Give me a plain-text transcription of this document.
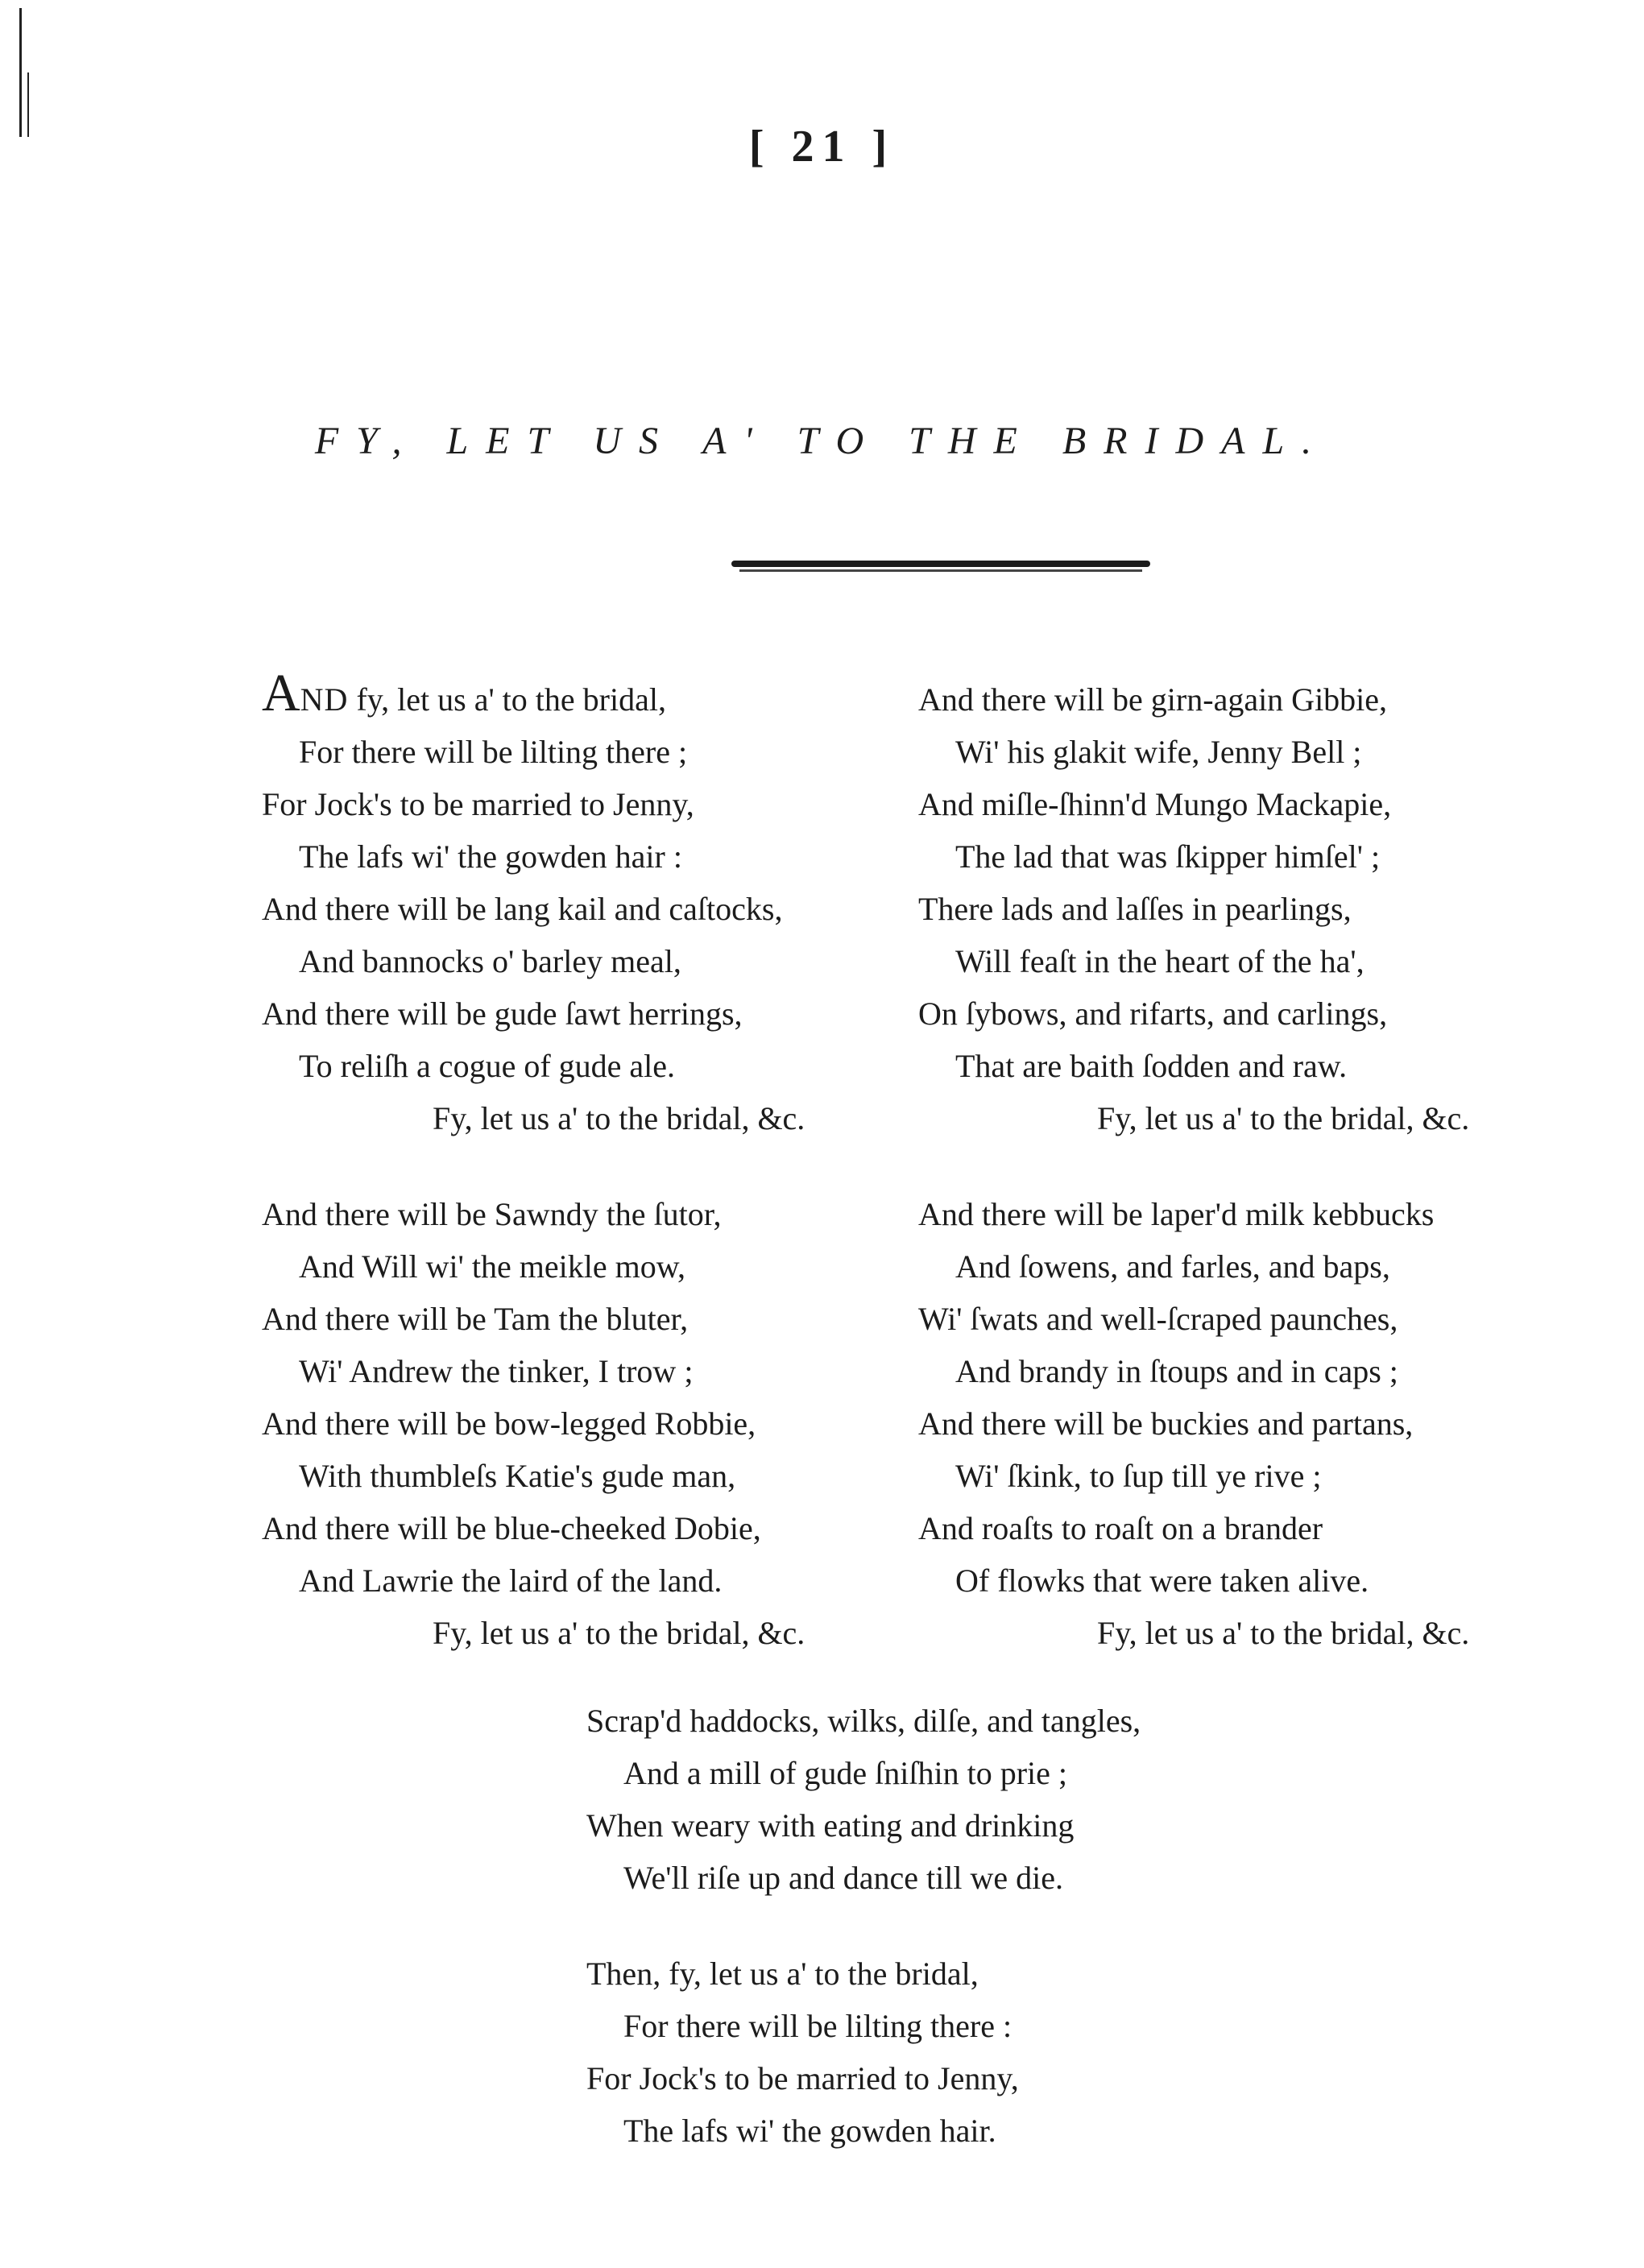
[ 21 ]
FY, LET US A' TO THE BRIDAL.
AND fy, let us a' to the bridal,
For there will be lilting there ;
For Jock's to be married to Jenny,
The lafs wi' the gowden hair :
And there will be lang kail and caſtocks,
And bannocks o' barley meal,
And there will be gude ſawt herrings,
To reliſh a cogue of gude ale.
Fy, let us a' to the bridal, &c.
And there will be Sawndy the ſutor,
And Will wi' the meikle mow,
And there will be Tam the bluter,
Wi' Andrew the tinker, I trow ;
And there will be bow-legged Robbie,
With thumbleſs Katie's gude man,
And there will be blue-cheeked Dobie,
And Lawrie the laird of the land.
Fy, let us a' to the bridal, &c.
And there will be girn-again Gibbie,
Wi' his glakit wife, Jenny Bell ;
And miſle-ſhinn'd Mungo Mackapie,
The lad that was ſkipper himſel' ;
There lads and laſſes in pearlings,
Will feaſt in the heart of the ha',
On ſybows, and rifarts, and carlings,
That are baith ſodden and raw.
Fy, let us a' to the bridal, &c.
And there will be laper'd milk kebbucks
And ſowens, and farles, and baps,
Wi' ſwats and well-ſcraped paunches,
And brandy in ſtoups and in caps ;
And there will be buckies and partans,
Wi' ſkink, to ſup till ye rive ;
And roaſts to roaſt on a brander
Of flowks that were taken alive.
Fy, let us a' to the bridal, &c.
Scrap'd haddocks, wilks, dilſe, and tangles,
And a mill of gude ſniſhin to prie ;
When weary with eating and drinking
We'll riſe up and dance till we die.
Then, fy, let us a' to the bridal,
For there will be lilting there :
For Jock's to be married to Jenny,
The lafs wi' the gowden hair.
